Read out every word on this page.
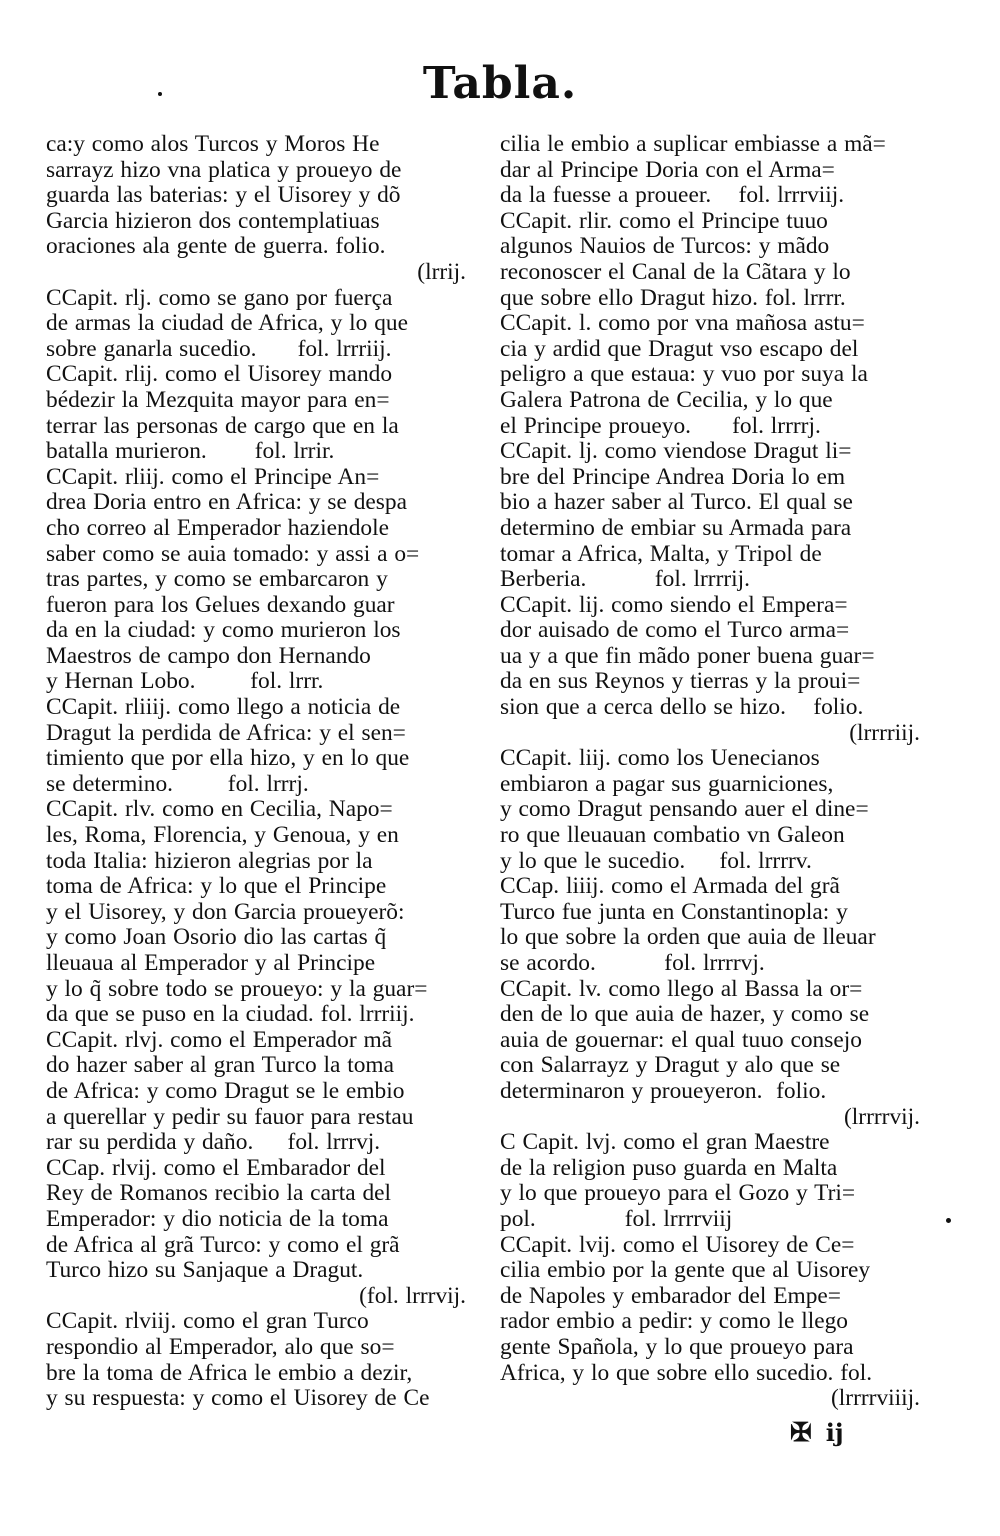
Tabla.
ca:y como alos Turcos y Moros He
sarrayz hizo vna platica y proueyo de
guarda las baterias: y el Uisorey y dõ
Garcia hizieron dos contemplatiuas
oraciones ala gente de guerra. folio.
(lrrij.
CCapit. rlj. como se gano por fuerça
de armas la ciudad de Africa, y lo que
sobre ganarla sucedio.      fol. lrrriij.
CCapit. rlij. como el Uisorey mando
bédezir la Mezquita mayor para en=
terrar las personas de cargo que en la
batalla murieron.       fol. lrrir.
CCapit. rliij. como el Principe An=
drea Doria entro en Africa: y se despa
cho correo al Emperador haziendole
saber como se auia tomado: y assi a o=
tras partes, y como se embarcaron y
fueron para los Gelues dexando guar
da en la ciudad: y como murieron los
Maestros de campo don Hernando
y Hernan Lobo.        fol. lrrr.
CCapit. rliiij. como llego a noticia de
Dragut la perdida de Africa: y el sen=
timiento que por ella hizo, y en lo que
se determino.        fol. lrrrj.
CCapit. rlv. como en Cecilia, Napo=
les, Roma, Florencia, y Genoua, y en
toda Italia: hizieron alegrias por la
toma de Africa: y lo que el Principe
y el Uisorey, y don Garcia proueyerõ:
y como Joan Osorio dio las cartas q̃
lleuaua al Emperador y al Principe
y lo q̃ sobre todo se proueyo: y la guar=
da que se puso en la ciudad. fol. lrrriij.
CCapit. rlvj. como el Emperador mã
do hazer saber al gran Turco la toma
de Africa: y como Dragut se le embio
a querellar y pedir su fauor para restau
rar su perdida y daño.     fol. lrrrvj.
CCap. rlvij. como el Embarador del
Rey de Romanos recibio la carta del
Emperador: y dio noticia de la toma
de Africa al grã Turco: y como el grã
Turco hizo su Sanjaque a Dragut.
(fol. lrrrvij.
CCapit. rlviij. como el gran Turco
respondio al Emperador, alo que so=
bre la toma de Africa le embio a dezir,
y su respuesta: y como el Uisorey de Ce
cilia le embio a suplicar embiasse a mã=
dar al Principe Doria con el Arma=
da la fuesse a proueer.    fol. lrrrviij.
CCapit. rlir. como el Principe tuuo
algunos Nauios de Turcos: y mãdo
reconoscer el Canal de la Cãtara y lo
que sobre ello Dragut hizo. fol. lrrrr.
CCapit. l. como por vna mañosa astu=
cia y ardid que Dragut vso escapo del
peligro a que estaua: y vuo por suya la
Galera Patrona de Cecilia, y lo que
el Principe proueyo.      fol. lrrrrj.
CCapit. lj. como viendose Dragut li=
bre del Principe Andrea Doria lo em
bio a hazer saber al Turco. El qual se
determino de embiar su Armada para
tomar a Africa, Malta, y Tripol de
Berberia.          fol. lrrrrij.
CCapit. lij. como siendo el Empera=
dor auisado de como el Turco arma=
ua y a que fin mãdo poner buena guar=
da en sus Reynos y tierras y la proui=
sion que a cerca dello se hizo.    folio.
(lrrrriij.
CCapit. liij. como los Uenecianos
embiaron a pagar sus guarniciones,
y como Dragut pensando auer el dine=
ro que lleuauan combatio vn Galeon
y lo que le sucedio.     fol. lrrrrv.
CCap. liiij. como el Armada del grã
Turco fue junta en Constantinopla: y
lo que sobre la orden que auia de lleuar
se acordo.          fol. lrrrrvj.
CCapit. lv. como llego al Bassa la or=
den de lo que auia de hazer, y como se
auia de gouernar: el qual tuuo consejo
con Salarrayz y Dragut y alo que se
determinaron y proueyeron.  folio.
(lrrrrvij.
C Capit. lvj. como el gran Maestre
de la religion puso guarda en Malta
y lo que proueyo para el Gozo y Tri=
pol.             fol. lrrrrviij
CCapit. lvij. como el Uisorey de Ce=
cilia embio por la gente que al Uisorey
de Napoles y embarador del Empe=
rador embio a pedir: y como le llego
gente Spañola, y lo que proueyo para
Africa, y lo que sobre ello sucedio. fol.
(lrrrrviiij.
✠ ij
